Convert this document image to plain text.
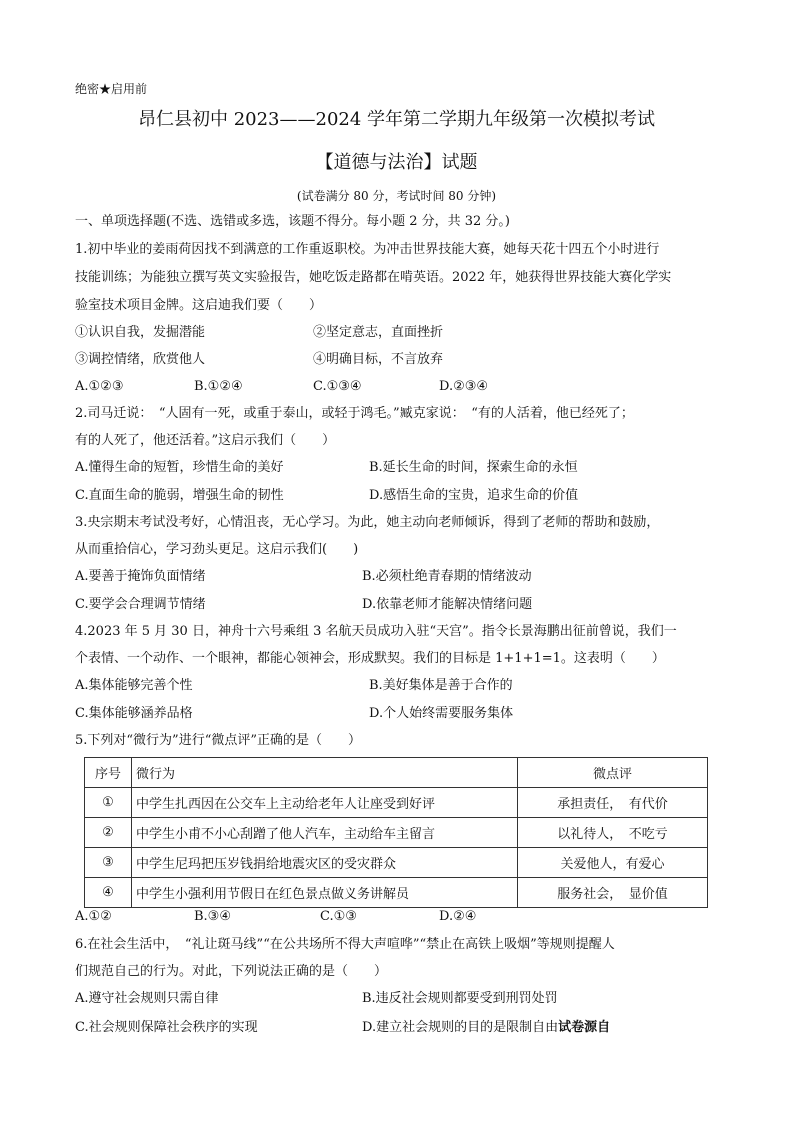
绝密★启用前
昂仁县初中 2023——2024 学年第二学期九年级第一次模拟考试
【道德与法治】试题
(试卷满分 80 分，考试时间 80 分钟)
一、单项选择题(不选、选错或多选，该题不得分。每小题 2 分，共 32 分。)
1.初中毕业的姜雨荷因找不到满意的工作重返职校。为冲击世界技能大赛，她每天花十四五个小时进行
技能训练；为能独立撰写英文实验报告，她吃饭走路都在啃英语。2022 年，她获得世界技能大赛化学实
验室技术项目金牌。这启迪我们要（　　）
①认识自我，发掘潜能	②坚定意志，直面挫折
③调控情绪，欣赏他人	④明确目标，不言放弃
A.①②③	B.①②④	C.①③④	D.②③④
2.司马迁说：　“人固有一死，或重于泰山，或轻于鸿毛。”臧克家说：　“有的人活着，他已经死了；
有的人死了，他还活着。”这启示我们（　　）
A.懂得生命的短暂，珍惜生命的美好	B.延长生命的时间，探索生命的永恒
C.直面生命的脆弱，增强生命的韧性	D.感悟生命的宝贵，追求生命的价值
3.央宗期末考试没考好，心情沮丧，无心学习。为此，她主动向老师倾诉，得到了老师的帮助和鼓励，
从而重拾信心，学习劲头更足。这启示我们(　　)
A.要善于掩饰负面情绪	B.必须杜绝青春期的情绪波动
C.要学会合理调节情绪	D.依靠老师才能解决情绪问题
4.2023 年 5 月 30 日，神舟十六号乘组 3 名航天员成功入驻“天宫”。指令长景海鹏出征前曾说，我们一
个表情、一个动作、一个眼神，都能心领神会，形成默契。我们的目标是 1+1+1=1。这表明（　　）
A.集体能够完善个性	B.美好集体是善于合作的
C.集体能够涵养品格	D.个人始终需要服务集体
5.下列对“微行为”进行“微点评”正确的是（　　）
序号	微行为	微点评
①	中学生扎西因在公交车上主动给老年人让座受到好评	承担责任，　有代价
②	中学生小甫不小心刮蹭了他人汽车，主动给车主留言	以礼待人，　不吃亏
③	中学生尼玛把压岁钱捐给地震灾区的受灾群众	关爱他人，有爱心
④	中学生小强利用节假日在红色景点做义务讲解员	服务社会，　显价值
A.①②	B.③④	C.①③	D.②④
6.在社会生活中，　“礼让斑马线”“在公共场所不得大声喧哗”“禁止在高铁上吸烟”等规则提醒人
们规范自己的行为。对此，下列说法正确的是（　　）
A.遵守社会规则只需自律	B.违反社会规则都要受到刑罚处罚
C.社会规则保障社会秩序的实现	D.建立社会规则的目的是限制自由试卷源自
